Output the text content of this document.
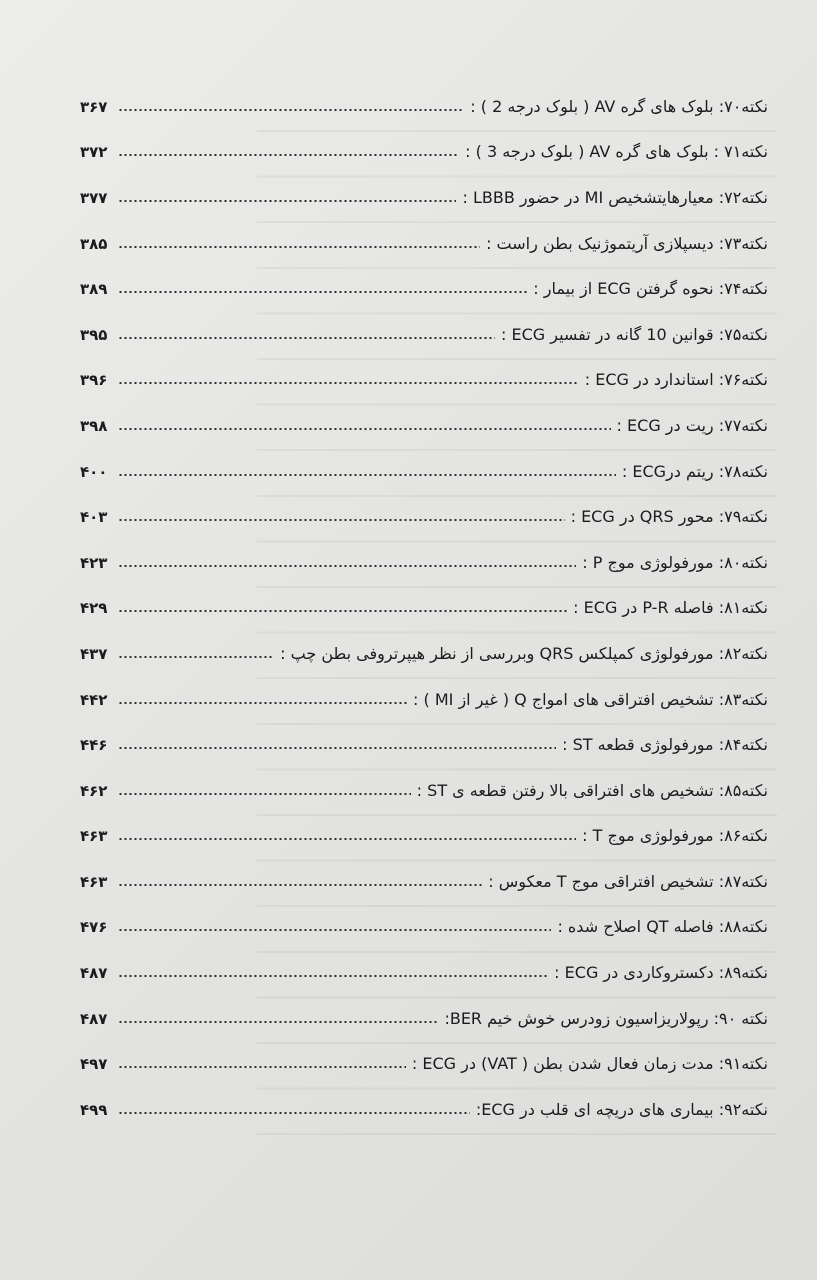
نکته۷۰: بلوک های گره AV ( بلوک درجه 2 ) :
۳۶۷
نکته۷۱ : بلوک های گره AV ( بلوک درجه 3 ) :
۳۷۲
نکته۷۲: معیارهایتشخیص MI در حضور LBBB :
۳۷۷
نکته۷۳: دیسپلازی آریتموژنیک بطن راست :
۳۸۵
نکته۷۴: نحوه گرفتن ECG از بیمار :
۳۸۹
نکته۷۵: قوانین 10 گانه در تفسیر ECG :
۳۹۵
نکته۷۶: استاندارد در ECG :
۳۹۶
نکته۷۷: ریت در ECG :
۳۹۸
نکته۷۸: ریتم درECG :
۴۰۰
نکته۷۹: محور QRS در ECG :
۴۰۳
نکته۸۰: مورفولوژی موج P :
۴۲۳
نکته۸۱: فاصله P-R در ECG :
۴۲۹
نکته۸۲: مورفولوژی کمپلکس QRS وبررسی از نظر هیپرتروفی بطن چپ :
۴۳۷
نکته۸۳: تشخیص افتراقی های امواج Q ( غیر از MI ) :
۴۴۲
نکته۸۴: مورفولوژی قطعه ST :
۴۴۶
نکته۸۵: تشخیص های افتراقی بالا رفتن قطعه ی ST :
۴۶۲
نکته۸۶: مورفولوژی موج T :
۴۶۳
نکته۸۷: تشخیص افتراقی موج T معکوس :
۴۶۳
نکته۸۸: فاصله QT اصلاح شده :
۴۷۶
نکته۸۹: دکستروکاردی در ECG :
۴۸۷
نکته ۹۰: رپولاریزاسیون زودرس خوش خیم BER:
۴۸۷
نکته۹۱: مدت زمان فعال شدن بطن ( VAT) در ECG :
۴۹۷
نکته۹۲: بیماری های دریچه ای قلب در ECG:
۴۹۹
